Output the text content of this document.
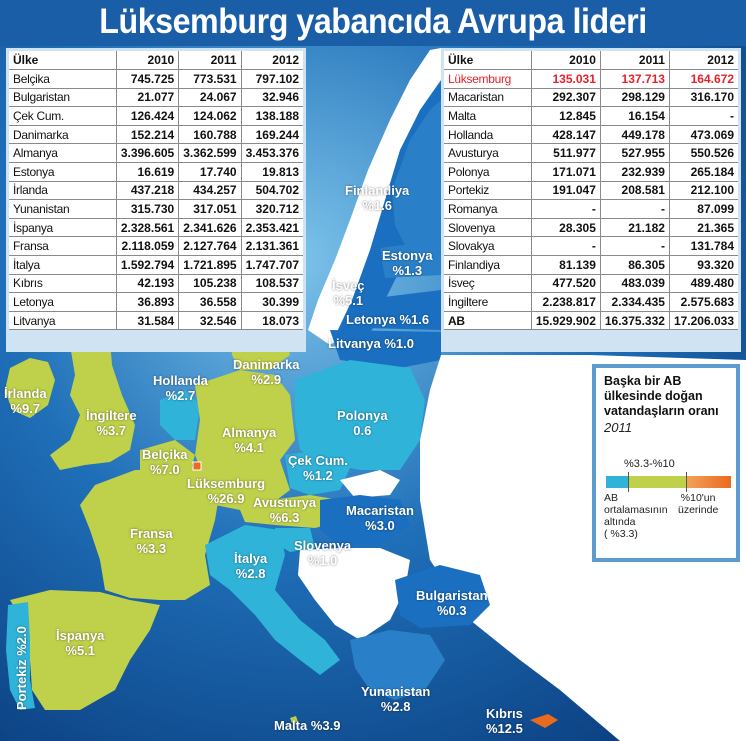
Lüksemburg yabancıda Avrupa lideri
Ülke	2010	2011	2012
Belçika	745.725	773.531	797.102
Bulgaristan	21.077	24.067	32.946
Çek Cum.	126.424	124.062	138.188
Danimarka	152.214	160.788	169.244
Almanya	3.396.605	3.362.599	3.453.376
Estonya	16.619	17.740	19.813
İrlanda	437.218	434.257	504.702
Yunanistan	315.730	317.051	320.712
İspanya	2.328.561	2.341.626	2.353.421
Fransa	2.118.059	2.127.764	2.131.361
İtalya	1.592.794	1.721.895	1.747.707
Kıbrıs	42.193	105.238	108.537
Letonya	36.893	36.558	30.399
Litvanya	31.584	32.546	18.073
Ülke	2010	2011	2012
Lüksemburg	135.031	137.713	164.672
Macaristan	292.307	298.129	316.170
Malta	12.845	16.154	-
Hollanda	428.147	449.178	473.069
Avusturya	511.977	527.955	550.526
Polonya	171.071	232.939	265.184
Portekiz	191.047	208.581	212.100
Romanya	-	-	87.099
Slovenya	28.305	21.182	21.365
Slovakya	-	-	131.784
Finlandiya	81.139	86.305	93.320
İsveç	477.520	483.039	489.480
İngiltere	2.238.817	2.334.435	2.575.683
AB	15.929.902	16.375.332	17.206.033
Finlandiya
%1.6
İsveç
%5.1
Estonya
%1.3
Letonya %1.6
Litvanya %1.0
Danimarka
%2.9
Hollanda
%2.7
İrlanda
%9.7	İngiltere
%3.7
Belçika
%7.0
Lüksemburg
%26.9
Almanya
%4.1
Polonya
0.6
Çek Cum.
%1.2
Avusturya
%6.3	Macaristan
%3.0
Slovenya
%1.0
Fransa
%3.3
İtalya
%2.8
Bulgaristan
%0.3
İspanya
%5.1
Portekiz %2.0
Yunanistan
%2.8
Malta %3.9
Kıbrıs
%12.5
Başka bir AB
ülkesinde doğan
vatandaşların oranı
2011
%3.3-%10
AB
ortalamasının
altında
( %3.3)
%10'un
üzerinde
